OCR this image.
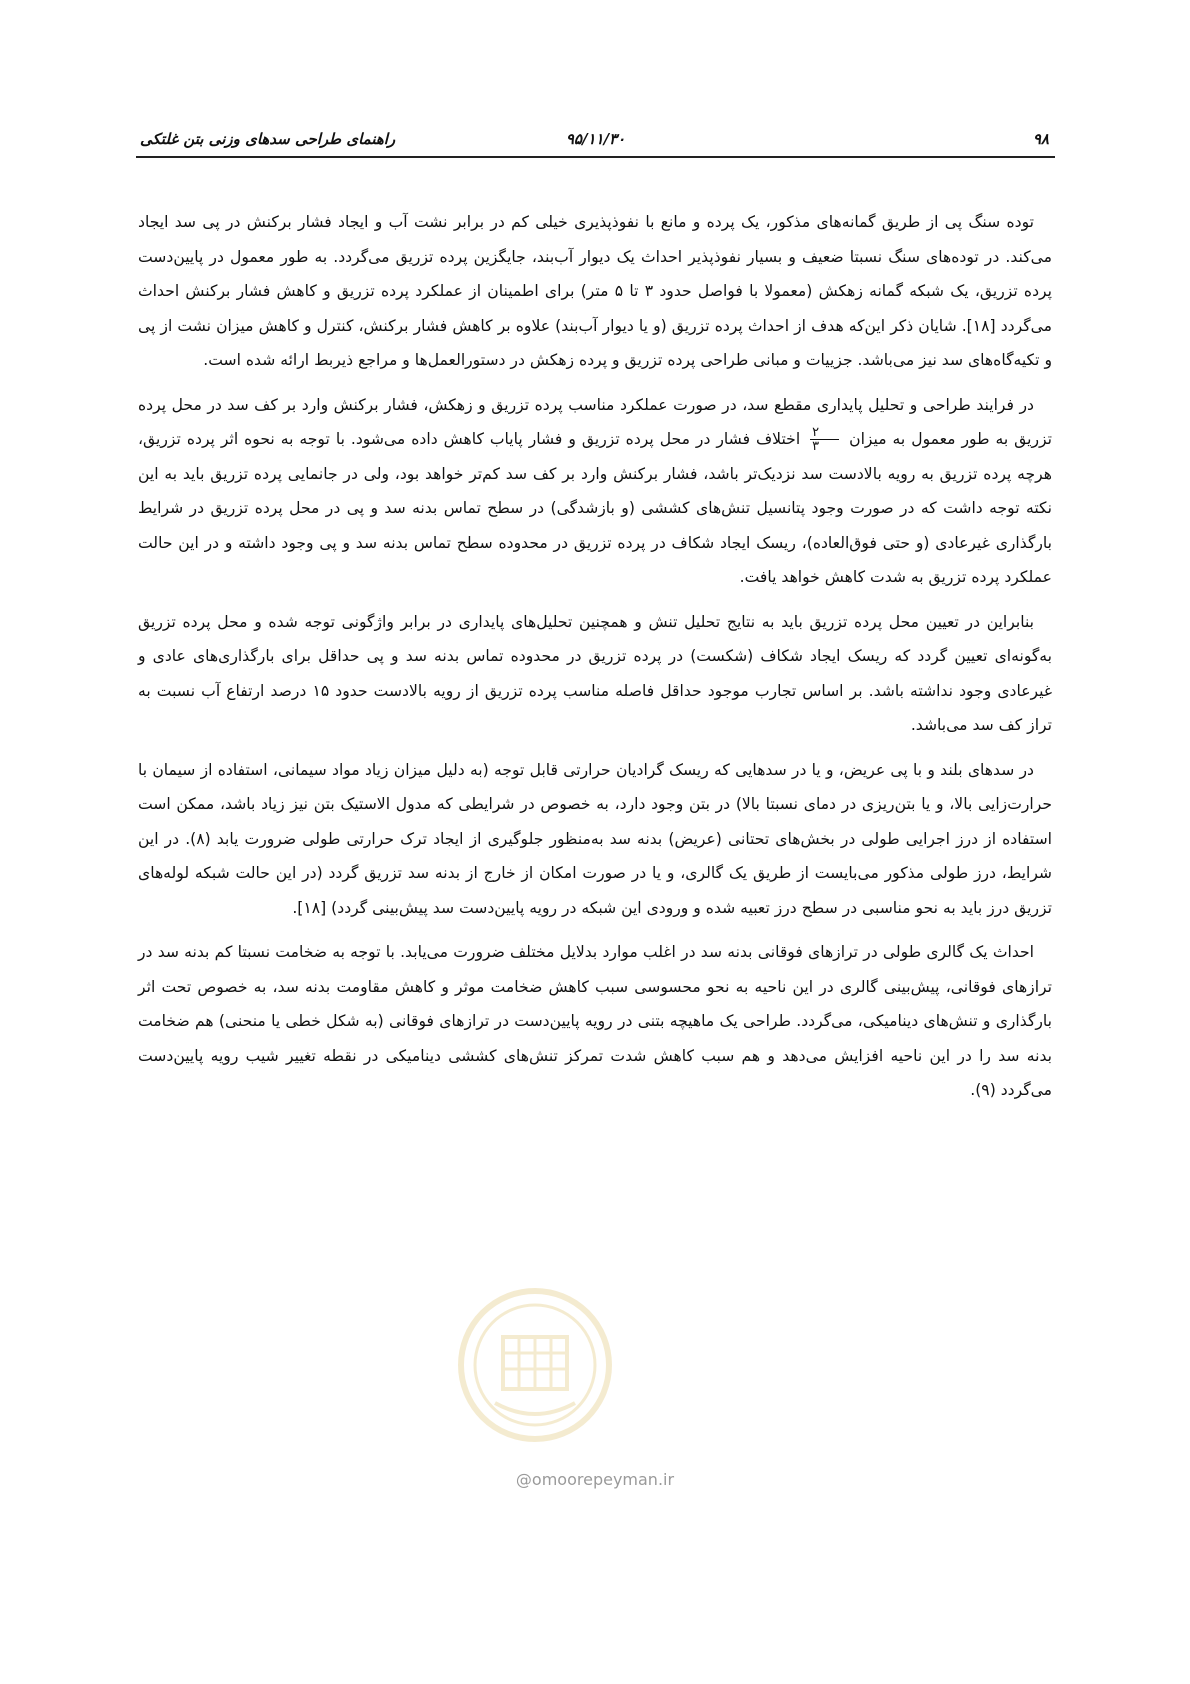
۹۸
۹۵/۱۱/۳۰
راهنمای طراحی سدهای وزنی بتن غلتکی

توده سنگ پی از طریق گمانه‌های مذکور، یک پرده و مانع با نفوذپذیری خیلی کم در برابر نشت آب و ایجاد فشار برکنش در پی سد ایجاد می‌کند. در توده‌های سنگ نسبتا ضعیف و بسیار نفوذپذیر احداث یک دیوار آب‌بند، جایگزین پرده تزریق می‌گردد. به طور معمول در پایین‌دست پرده تزریق، یک شبکه گمانه زهکش (معمولا با فواصل حدود ۳ تا ۵ متر) برای اطمینان از عملکرد پرده تزریق و کاهش فشار برکنش احداث می‌گردد [۱۸]. شایان ذکر این‌که هدف از احداث پرده تزریق (و یا دیوار آب‌بند) علاوه بر کاهش فشار برکنش، کنترل و کاهش میزان نشت از پی و تکیه‌گاه‌های سد نیز می‌باشد. جزییات و مبانی طراحی پرده تزریق و پرده زهکش در دستورالعمل‌ها و مراجع ذیربط ارائه شده است.

در فرایند طراحی و تحلیل پایداری مقطع سد، در صورت عملکرد مناسب پرده تزریق و زهکش، فشار برکنش وارد بر کف سد در محل پرده تزریق به طور معمول به میزان
$\frac{۲}{۳}$
اختلاف فشار در محل پرده تزریق و فشار پایاب کاهش داده می‌شود. با توجه به نحوه اثر پرده تزریق، هرچه پرده تزریق به رویه بالادست سد نزدیک‌تر باشد، فشار برکنش وارد بر کف سد کم‌تر خواهد بود، ولی در جانمایی پرده تزریق باید به این نکته توجه داشت که در صورت وجود پتانسیل تنش‌های کششی (و بازشدگی) در سطح تماس بدنه سد و پی در محل پرده تزریق در شرایط بارگذاری غیرعادی (و حتی فوق‌العاده)، ریسک ایجاد شکاف در پرده تزریق در محدوده سطح تماس بدنه سد و پی وجود داشته و در این حالت عملکرد پرده تزریق به شدت کاهش خواهد یافت.

بنابراین در تعیین محل پرده تزریق باید به نتایج تحلیل تنش و همچنین تحلیل‌های پایداری در برابر واژگونی توجه شده و محل پرده تزریق به‌گونه‌ای تعیین گردد که ریسک ایجاد شکاف (شکست) در پرده تزریق در محدوده تماس بدنه سد و پی حداقل برای بارگذاری‌های عادی و غیرعادی وجود نداشته باشد. بر اساس تجارب موجود حداقل فاصله مناسب پرده تزریق از رویه بالادست حدود ۱۵ درصد ارتفاع آب نسبت به تراز کف سد می‌باشد.

در سدهای بلند و با پی عریض، و یا در سدهایی که ریسک گرادیان حرارتی قابل توجه (به دلیل میزان زیاد مواد سیمانی، استفاده از سیمان با حرارت‌زایی بالا، و یا بتن‌ریزی در دمای نسبتا بالا) در بتن وجود دارد، به خصوص در شرایطی که مدول الاستیک بتن نیز زیاد باشد، ممکن است استفاده از درز اجرایی طولی در بخش‌های تحتانی (عریض) بدنه سد به‌منظور جلوگیری از ایجاد ترک حرارتی طولی ضرورت یابد (۸). در این شرایط، درز طولی مذکور می‌بایست از طریق یک گالری، و یا در صورت امکان از خارج از بدنه سد تزریق گردد (در این حالت شبکه لوله‌های تزریق درز باید به نحو مناسبی در سطح درز تعبیه شده و ورودی این شبکه در رویه پایین‌دست سد پیش‌بینی گردد) [۱۸].

احداث یک گالری طولی در ترازهای فوقانی بدنه سد در اغلب موارد بدلایل مختلف ضرورت می‌یابد. با توجه به ضخامت نسبتا کم بدنه سد در ترازهای فوقانی، پیش‌بینی گالری در این ناحیه به نحو محسوسی سبب کاهش ضخامت موثر و کاهش مقاومت بدنه سد، به خصوص تحت اثر بارگذاری و تنش‌های دینامیکی، می‌گردد. طراحی یک ماهیچه بتنی در رویه پایین‌دست در ترازهای فوقانی (به شکل خطی یا منحنی) هم ضخامت بدنه سد را در این ناحیه افزایش می‌دهد و هم سبب کاهش شدت تمرکز تنش‌های کششی دینامیکی در نقطه تغییر شیب رویه پایین‌دست می‌گردد (۹).

@omoorepeyman.ir
